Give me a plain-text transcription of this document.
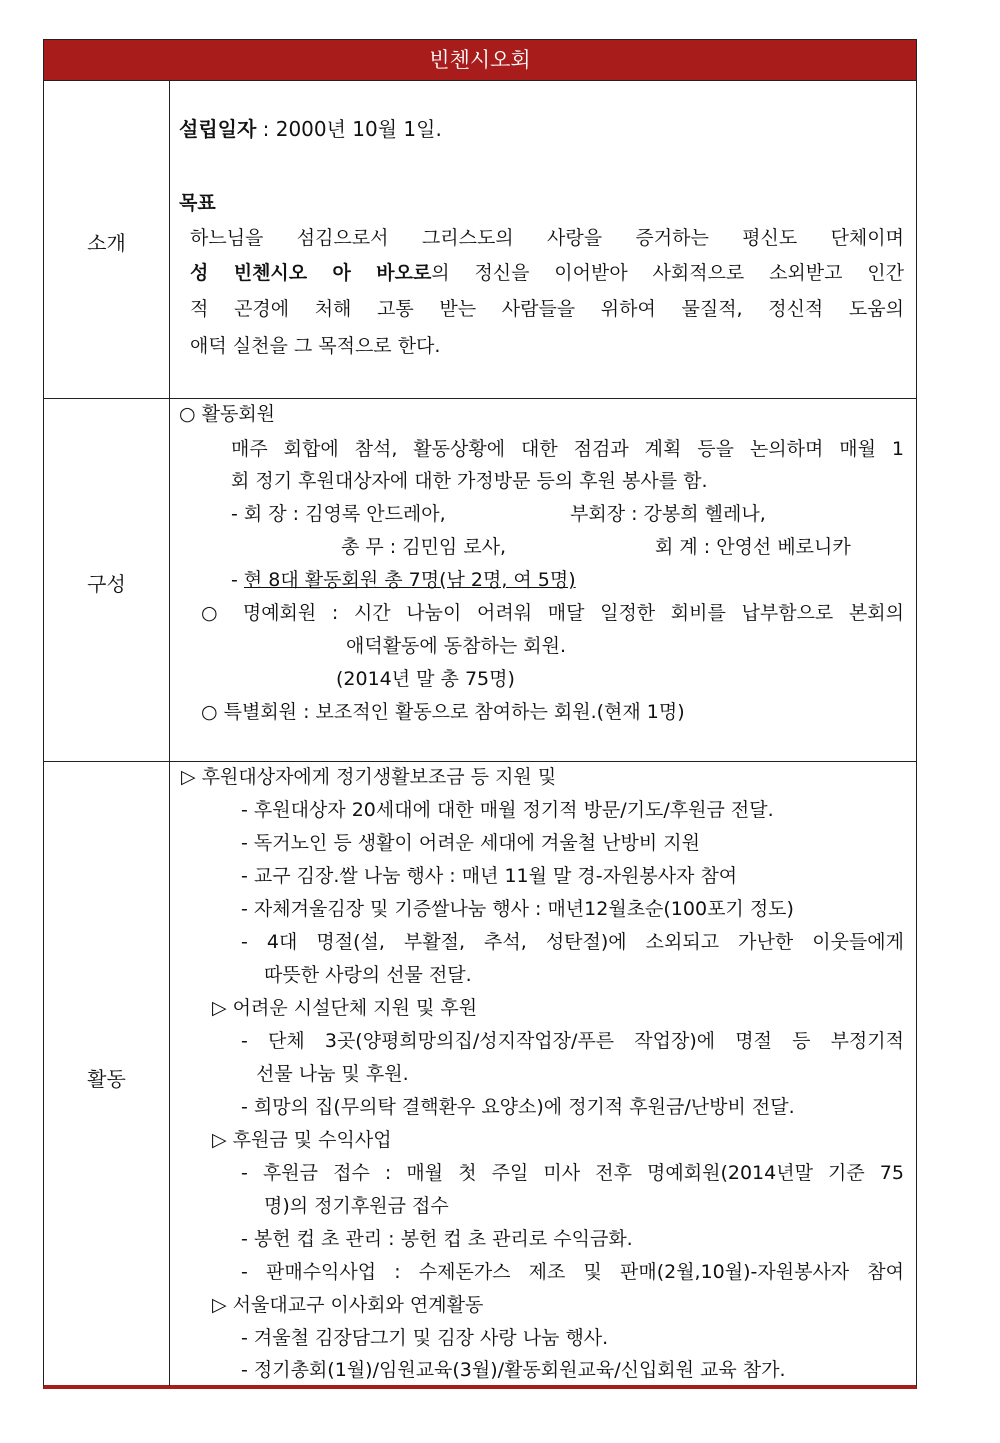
빈첸시오회
소개
설립일자 : 2000년 10월 1일.
목표
하느님을 섬김으로서 그리스도의 사랑을 증거하는 평신도 단체이며
성 빈첸시오 아 바오로의 정신을 이어받아 사회적으로 소외받고 인간
적 곤경에 처해 고통 받는 사람들을 위하여 물질적, 정신적 도움의
애덕 실천을 그 목적으로 한다.
구성
○ 활동회원
매주 회합에 참석, 활동상황에 대한 점검과 계획 등을 논의하며 매월 1
회 정기 후원대상자에 대한 가정방문 등의 후원 봉사를 함.
- 회 장 : 김영록 안드레아,	부회장 : 강봉희 헬레나,
총 무 : 김민임 로사,	회 계 : 안영선 베로니카
- 현 8대 활동회원 총 7명(남 2명, 여 5명)
○ 명예회원 : 시간 나눔이 어려워 매달 일정한 회비를 납부함으로 본회의
애덕활동에 동참하는 회원.
(2014년 말 총 75명)
○ 특별회원 : 보조적인 활동으로 참여하는 회원.(현재 1명)
활동
▷ 후원대상자에게 정기생활보조금 등 지원 및
- 후원대상자 20세대에 대한 매월 정기적 방문/기도/후원금 전달.
- 독거노인 등 생활이 어려운 세대에 겨울철 난방비 지원
- 교구 김장.쌀 나눔 행사 : 매년 11월 말 경-자원봉사자 참여
- 자체겨울김장 및 기증쌀나눔 행사 : 매년12월초순(100포기 정도)
- 4대 명절(설, 부활절, 추석, 성탄절)에 소외되고 가난한 이웃들에게
따뜻한 사랑의 선물 전달.
▷ 어려운 시설단체 지원 및 후원
- 단체 3곳(양평희망의집/성지작업장/푸른 작업장)에 명절 등 부정기적
선물 나눔 및 후원.
- 희망의 집(무의탁 결핵환우 요양소)에 정기적 후원금/난방비 전달.
▷ 후원금 및 수익사업
- 후원금 접수 : 매월 첫 주일 미사 전후 명예회원(2014년말 기준 75
명)의 정기후원금 접수
- 봉헌 컵 초 관리 : 봉헌 컵 초 관리로 수익금화.
- 판매수익사업 : 수제돈가스 제조 및 판매(2월,10월)-자원봉사자 참여
▷ 서울대교구 이사회와 연계활동
- 겨울철 김장담그기 및 김장 사랑 나눔 행사.
- 정기총회(1월)/임원교육(3월)/활동회원교육/신입회원 교육 참가.
